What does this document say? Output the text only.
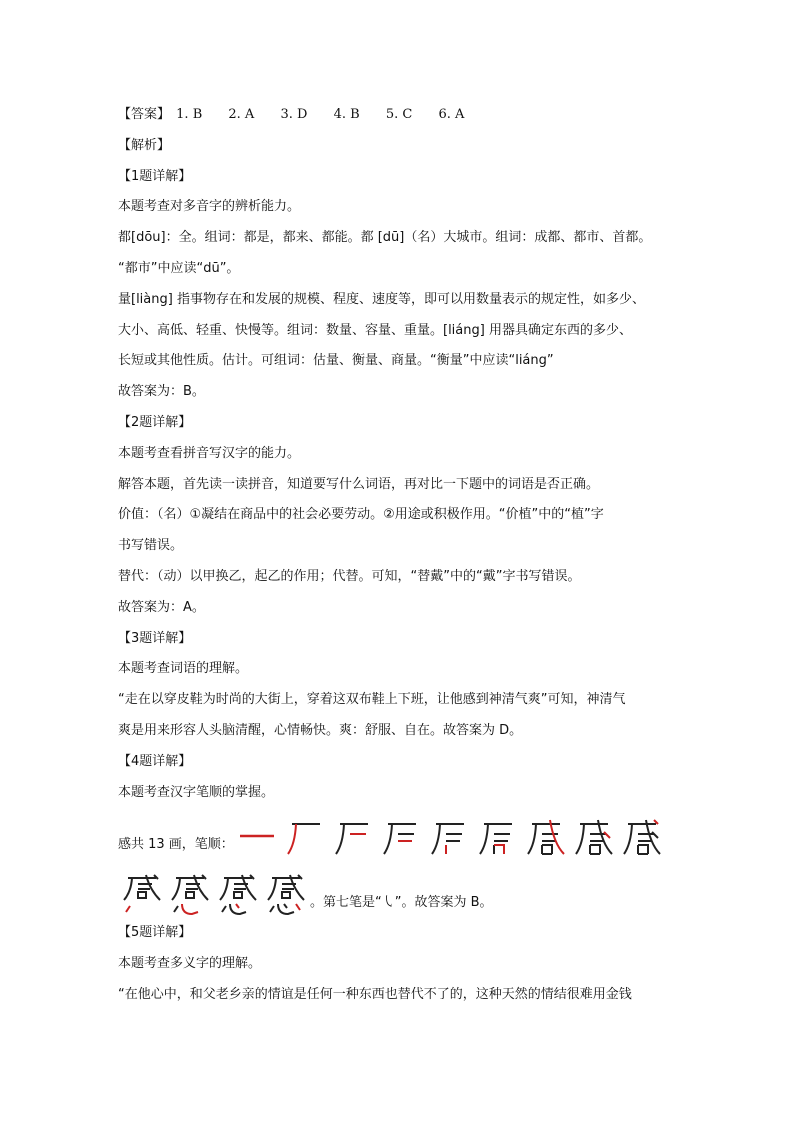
【答案】 1. B 2. A 3. D 4. B 5. C 6. A
【解析】
【1题详解】
本题考查对多音字的辨析能力。
都[dōu]：全。组词：都是，都来、都能。都 [dū]（名）大城市。组词：成都、都市、首都。
“都市”中应读“dū”。
量[liàng] 指事物存在和发展的规模、程度、速度等，即可以用数量表示的规定性，如多少、
大小、高低、轻重、快慢等。组词：数量、容量、重量。[liáng] 用器具确定东西的多少、
长短或其他性质。估计。可组词：估量、衡量、商量。“衡量”中应读“liáng”
故答案为：B。
【2题详解】
本题考查看拼音写汉字的能力。
解答本题，首先读一读拼音，知道要写什么词语，再对比一下题中的词语是否正确。
价值：（名）①凝结在商品中的社会必要劳动。②用途或积极作用。“价植”中的“植”字
书写错误。
替代：（动）以甲换乙，起乙的作用；代替。可知，“替戴”中的“戴”字书写错误。
故答案为：A。
【3题详解】
本题考查词语的理解。
“走在以穿皮鞋为时尚的大街上，穿着这双布鞋上下班，让他感到神清气爽”可知，神清气
爽是用来形容人头脑清醒，心情畅快。爽：舒服、自在。故答案为 D。
【4题详解】
本题考查汉字笔顺的掌握。
感共 13 画，笔顺：
。第七笔是“㇂”。故答案为 B。
【5题详解】
本题考查多义字的理解。
“在他心中，和父老乡亲的情谊是任何一种东西也替代不了的，这种天然的情结很难用金钱
